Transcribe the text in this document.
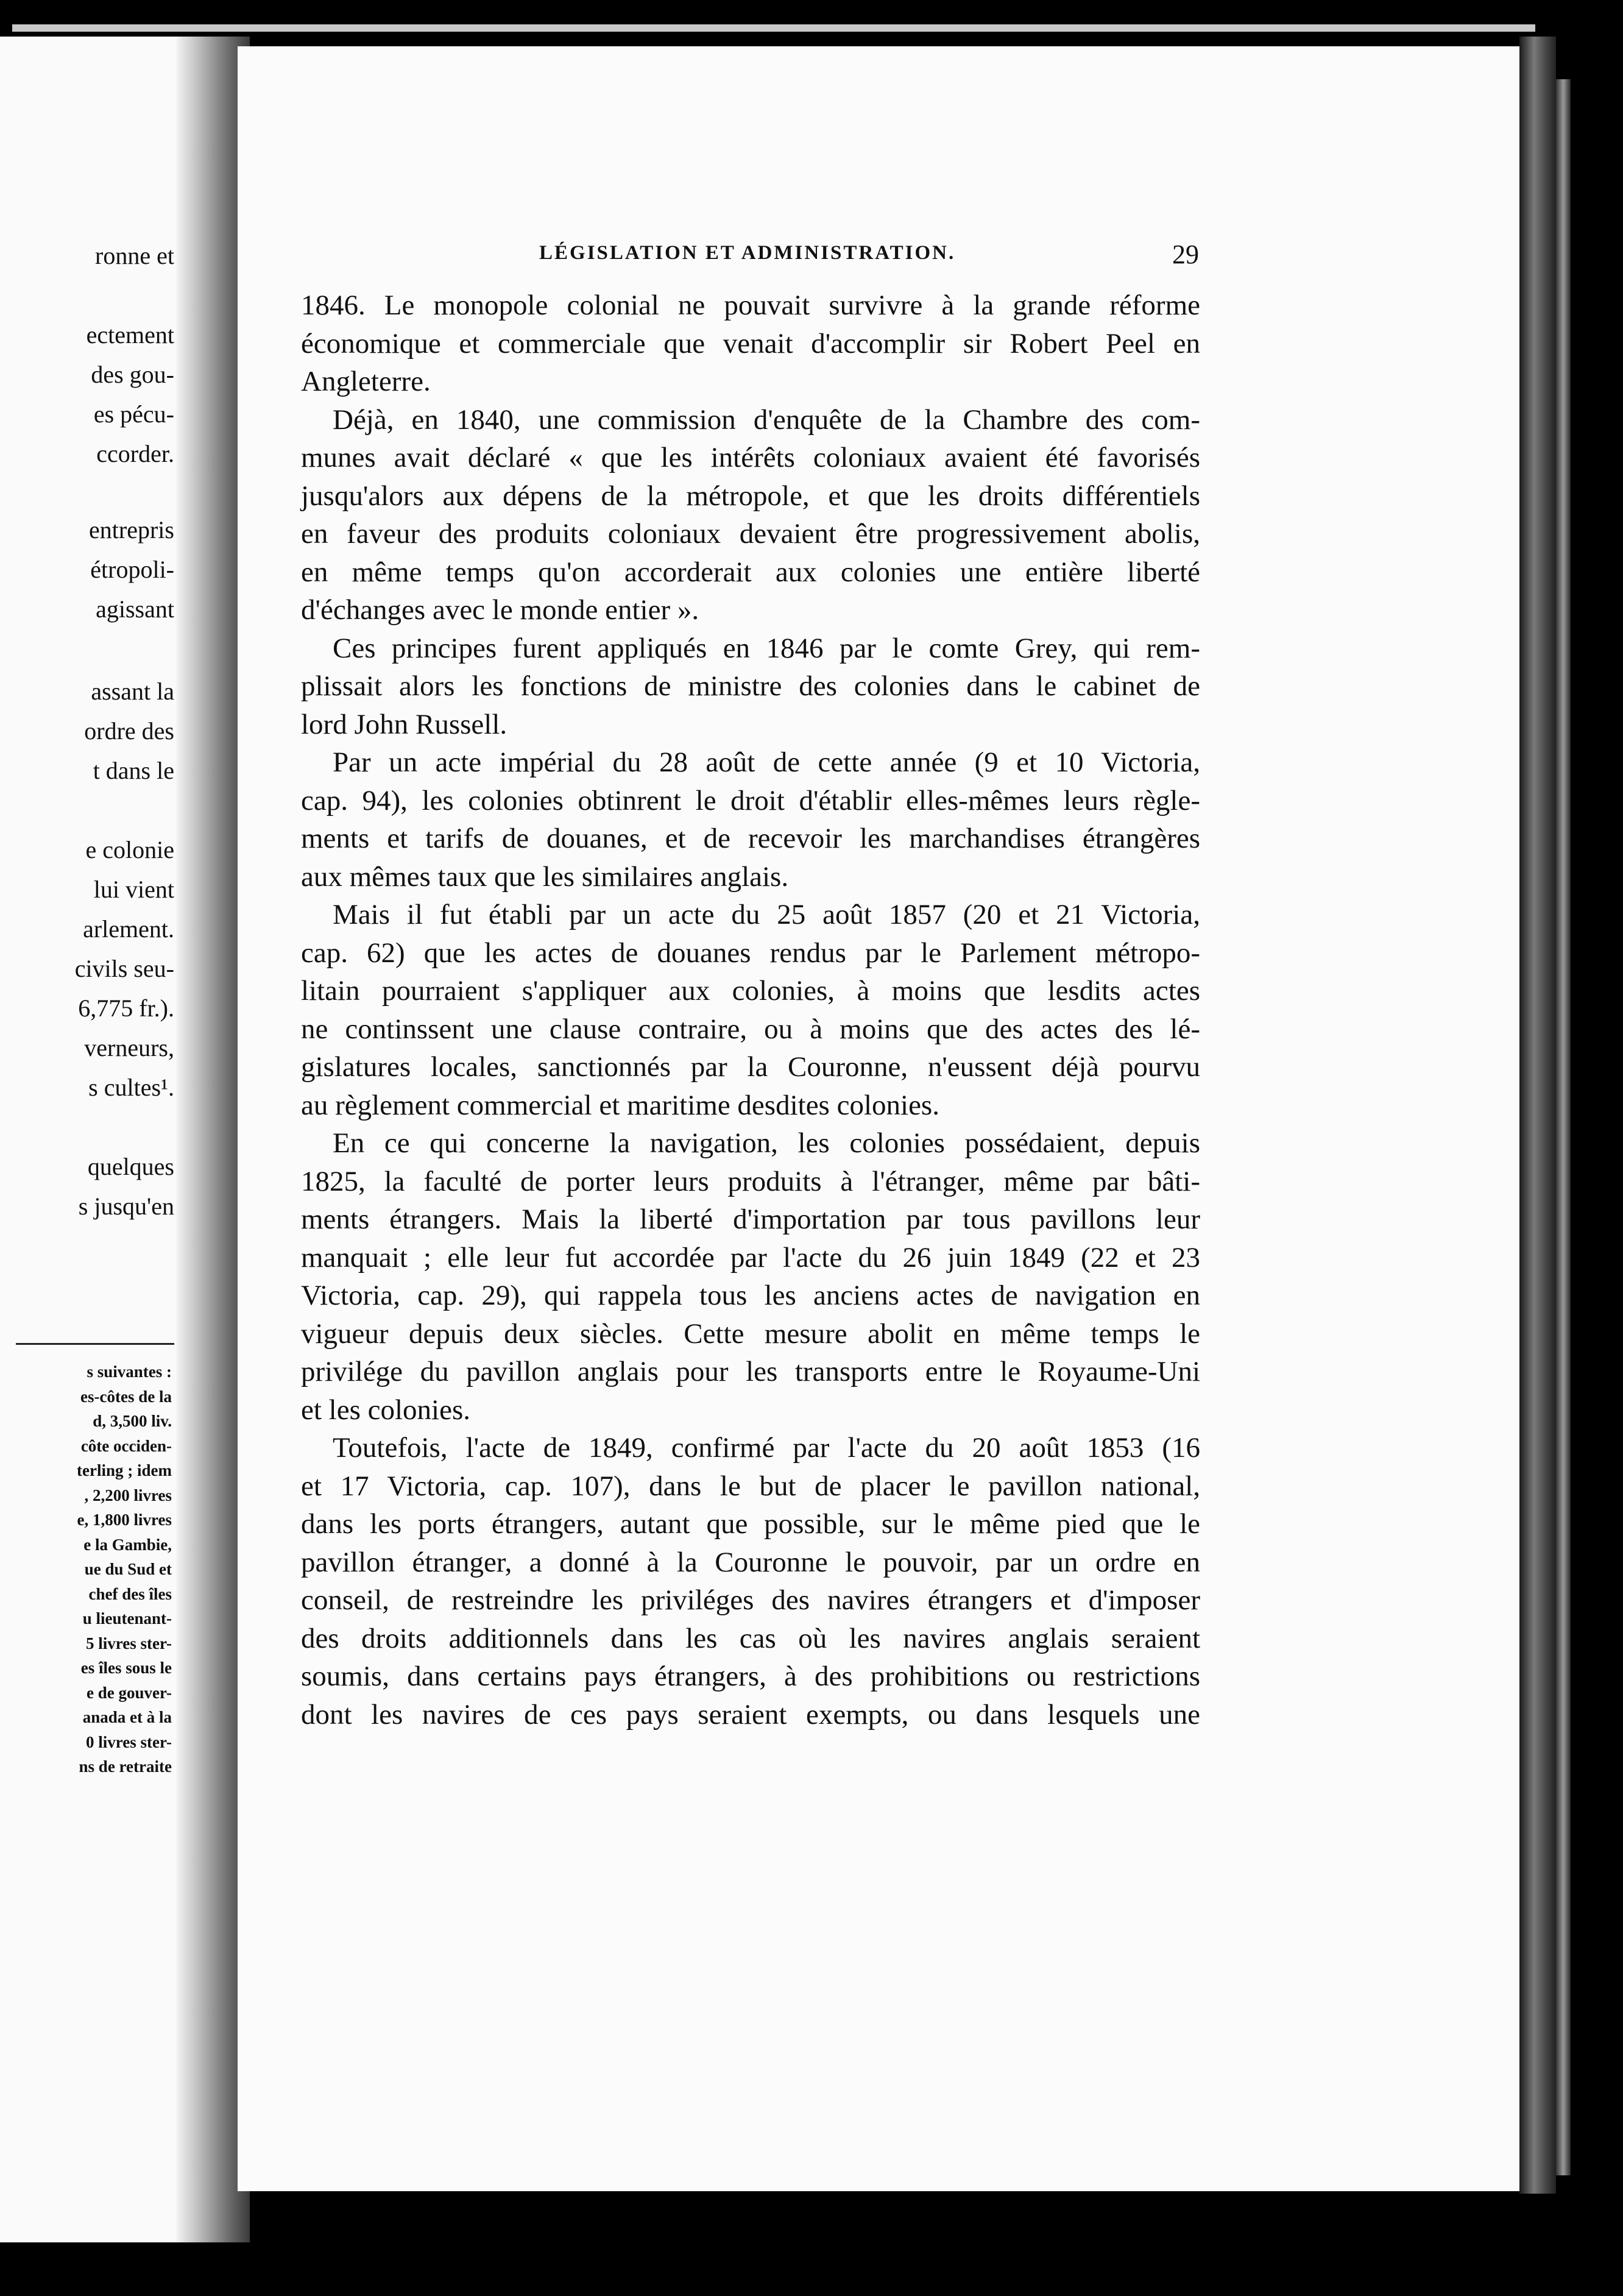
ronne et
ectement
des gou-
es pécu-
ccorder.
entrepris
étropoli-
agissant
assant la
ordre des
t dans le
e colonie
lui vient
arlement.
civils seu-
6,775 fr.).
verneurs,
s cultes¹.
quelques
s jusqu'en
s suivantes :
es-côtes de la
d, 3,500 liv.
côte occiden-
terling ; idem
, 2,200 livres
e, 1,800 livres
e la Gambie,
ue du Sud et
chef des îles
u lieutenant-
5 livres ster-
es îles sous le
e de gouver-
anada et à la
0 livres ster-
ns de retraite
LÉGISLATION ET ADMINISTRATION.	29
1846. Le monopole colonial ne pouvait survivre à la grande réforme
économique et commerciale que venait d'accomplir sir Robert Peel en
Angleterre.
Déjà, en 1840, une commission d'enquête de la Chambre des com-
munes avait déclaré « que les intérêts coloniaux avaient été favorisés
jusqu'alors aux dépens de la métropole, et que les droits différentiels
en faveur des produits coloniaux devaient être progressivement abolis,
en même temps qu'on accorderait aux colonies une entière liberté
d'échanges avec le monde entier ».
Ces principes furent appliqués en 1846 par le comte Grey, qui rem-
plissait alors les fonctions de ministre des colonies dans le cabinet de
lord John Russell.
Par un acte impérial du 28 août de cette année (9 et 10 Victoria,
cap. 94), les colonies obtinrent le droit d'établir elles-mêmes leurs règle-
ments et tarifs de douanes, et de recevoir les marchandises étrangères
aux mêmes taux que les similaires anglais.
Mais il fut établi par un acte du 25 août 1857 (20 et 21 Victoria,
cap. 62) que les actes de douanes rendus par le Parlement métropo-
litain pourraient s'appliquer aux colonies, à moins que lesdits actes
ne continssent une clause contraire, ou à moins que des actes des lé-
gislatures locales, sanctionnés par la Couronne, n'eussent déjà pourvu
au règlement commercial et maritime desdites colonies.
En ce qui concerne la navigation, les colonies possédaient, depuis
1825, la faculté de porter leurs produits à l'étranger, même par bâti-
ments étrangers. Mais la liberté d'importation par tous pavillons leur
manquait ; elle leur fut accordée par l'acte du 26 juin 1849 (22 et 23
Victoria, cap. 29), qui rappela tous les anciens actes de navigation en
vigueur depuis deux siècles. Cette mesure abolit en même temps le
privilége du pavillon anglais pour les transports entre le Royaume-Uni
et les colonies.
Toutefois, l'acte de 1849, confirmé par l'acte du 20 août 1853 (16
et 17 Victoria, cap. 107), dans le but de placer le pavillon national,
dans les ports étrangers, autant que possible, sur le même pied que le
pavillon étranger, a donné à la Couronne le pouvoir, par un ordre en
conseil, de restreindre les priviléges des navires étrangers et d'imposer
des droits additionnels dans les cas où les navires anglais seraient
soumis, dans certains pays étrangers, à des prohibitions ou restrictions
dont les navires de ces pays seraient exempts, ou dans lesquels une
